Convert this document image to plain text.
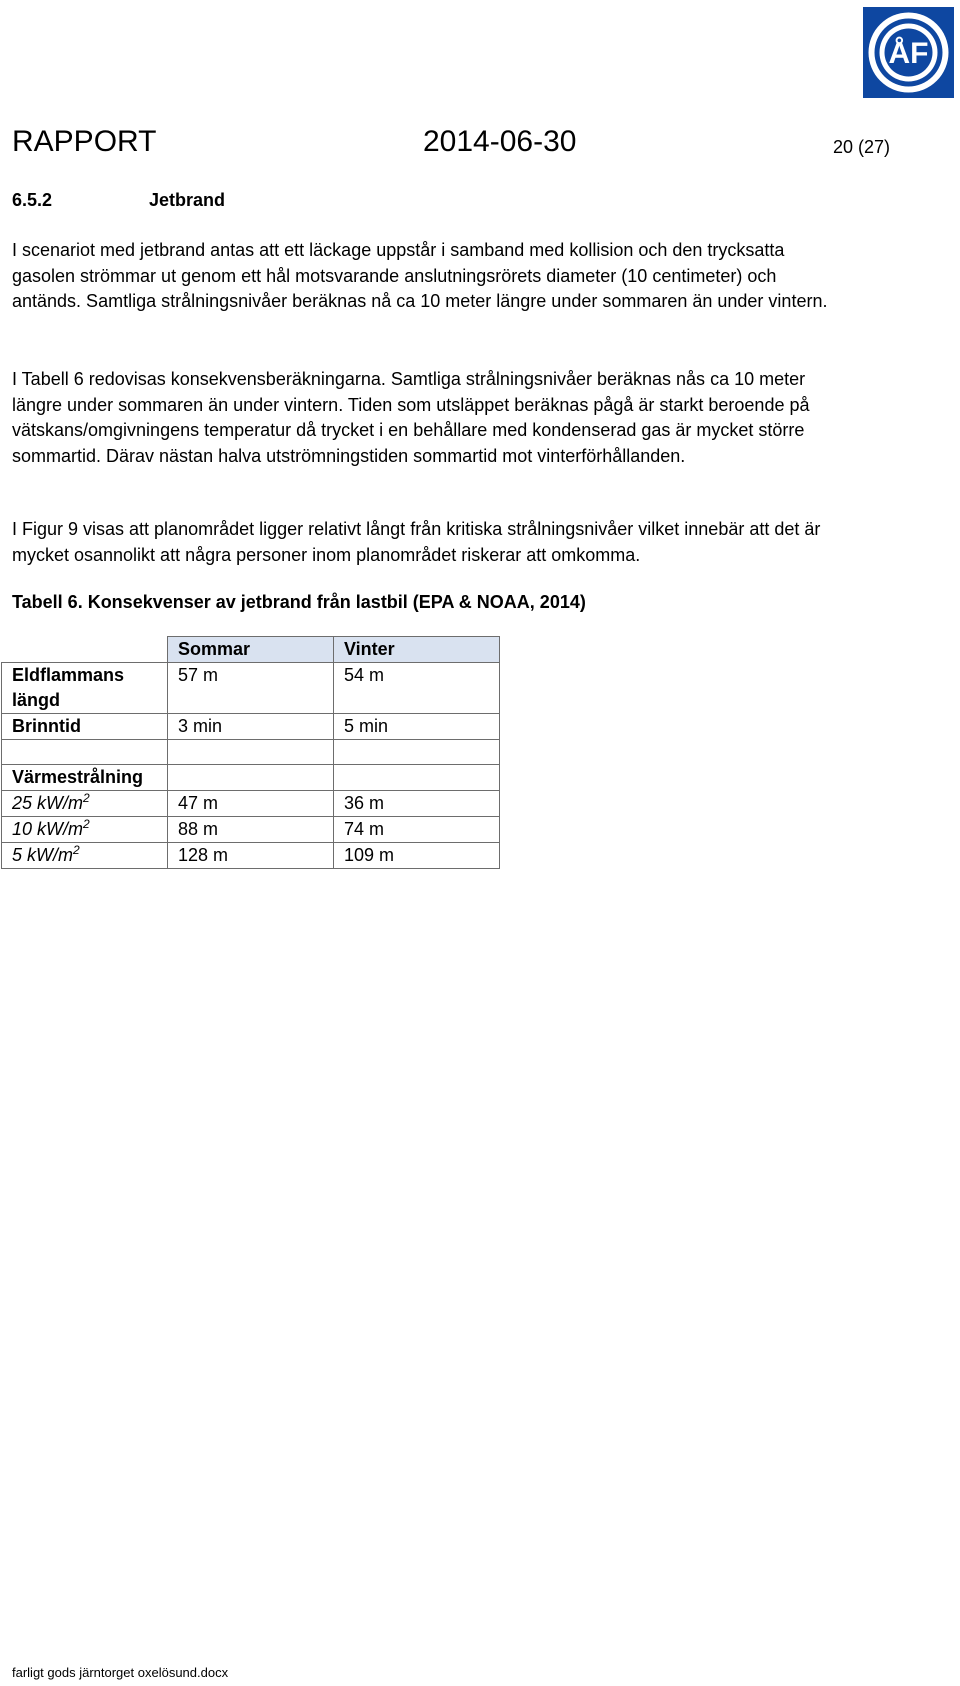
ÅF
RAPPORT	2014-06-30	20 (27)
6.5.2	Jetbrand

I scenariot med jetbrand antas att ett läckage uppstår i samband med kollision och den trycksatta gasolen strömmar ut genom ett hål motsvarande anslutningsrörets diameter (10 centimeter) och antänds. Samtliga strålningsnivåer beräknas nå ca 10 meter längre under sommaren än under vintern.

I Tabell 6 redovisas konsekvensberäkningarna. Samtliga strålningsnivåer beräknas nås ca 10 meter längre under sommaren än under vintern. Tiden som utsläppet beräknas pågå är starkt beroende på vätskans/omgivningens temperatur då trycket i en behållare med kondenserad gas är mycket större sommartid. Därav nästan halva utströmningstiden sommartid mot vinterförhållanden.

I Figur 9 visas att planområdet ligger relativt långt från kritiska strålningsnivåer vilket innebär att det är mycket osannolikt att några personer inom planområdet riskerar att omkomma.

Tabell 6. Konsekvenser av jetbrand från lastbil (EPA & NOAA, 2014)
	Sommar	Vinter
Eldflammans längd	57 m	54 m
Brinntid	3 min	5 min

Värmestrålning		
25 $kW/m^2$	47 m	36 m
10 $kW/m^2$	88 m	74 m
5 $kW/m^2$	128 m	109 m
farligt gods järntorget oxelösund.docx
